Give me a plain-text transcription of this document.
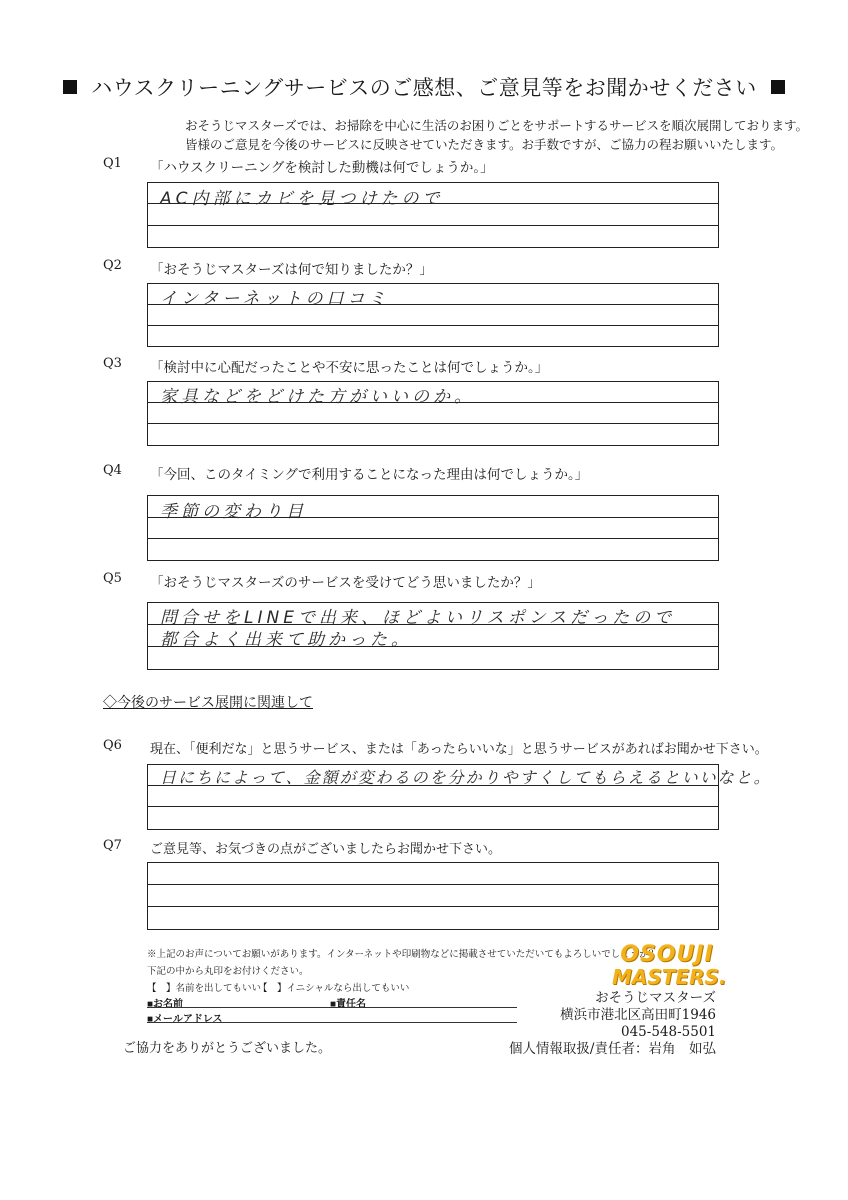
ハウスクリーニングサービスのご感想、ご意見等をお聞かせください
おそうじマスターズでは、お掃除を中心に生活のお困りごとをサポートするサービスを順次展開しております。
皆様のご意見を今後のサービスに反映させていただきます。お手数ですが、ご協力の程お願いいたします。
Q1 「ハウスクリーニングを検討した動機は何でしょうか。」
AC内部にカビを見つけたので
Q2 「おそうじマスターズは何で知りましたか？」
インターネットの口コミ
Q3 「検討中に心配だったことや不安に思ったことは何でしょうか。」
家具などをどけた方がいいのか。
Q4 「今回、このタイミングで利用することになった理由は何でしょうか。」
季節の変わり目
Q5 「おそうじマスターズのサービスを受けてどう思いましたか？」
問合せをLINEで出来、ほどよいリスポンスだったので
都合よく出来て助かった。
◇今後のサービス展開に関連して
Q6 現在、「便利だな」と思うサービス、または「あったらいいな」と思うサービスがあればお聞かせ下さい。
日にちによって、金額が変わるのを分かりやすくしてもらえるといいなと。
Q7 ご意見等、お気づきの点がございましたらお聞かせ下さい。
※上記のお声についてお願いがあります。インターネットや印刷物などに掲載させていただいてもよろしいでしょうか？
下記の中から丸印をお付けください。
【　】名前を出してもいい
【　】イニシャルなら出してもいい
■お名前	■責任名
■メールアドレス
ご協力をありがとうございました。
OSOUJI
MASTERS.
おそうじマスターズ
横浜市港北区高田町1946
045-548-5501
個人情報取扱/責任者：岩角　如弘
